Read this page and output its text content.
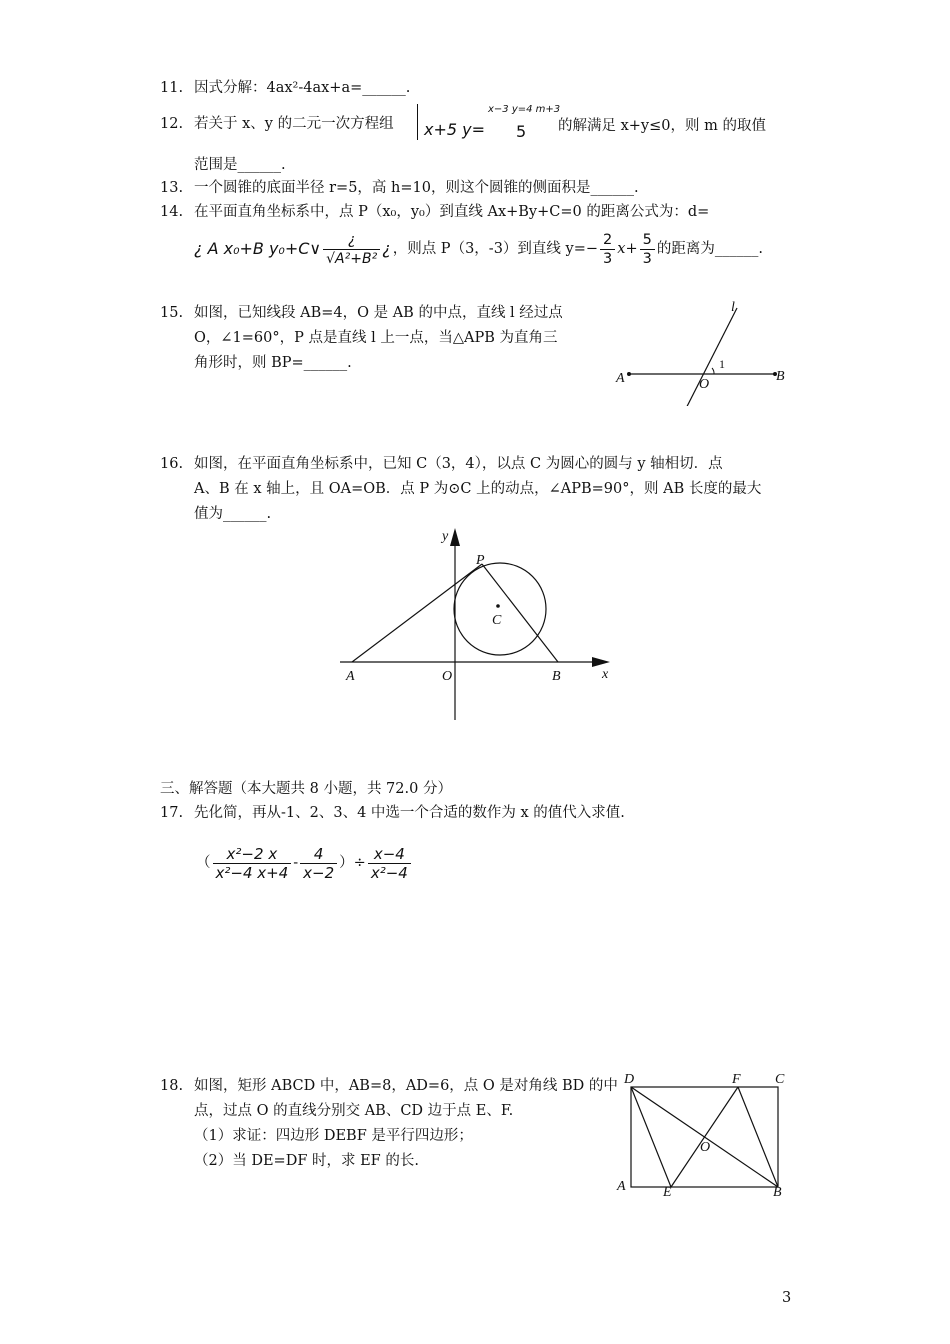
11. 因式分解：4ax²-4ax+a=______.
12. 若关于 x、y 的二元一次方程组 x+5 y=
x−3 y=4 m+3
5 的解满足 x+y≤0，则 m 的取值
范围是______.
13. 一个圆锥的底面半径 r=5，高 h=10，则这个圆锥的侧面积是______.
14. 在平面直角坐标系中，点 P（x₀，y₀）到直线 Ax+By+C=0 的距离公式为：d=
¿ A x₀+B y₀+C∨ $\frac{¿}{\text{√A²+B²}}$ ¿ ，则点 P（3，-3）到直线 $y=- \frac{2}{3} x+ \frac{5}{3}$ 的距离为______.
15. 如图，已知线段 AB=4，O 是 AB 的中点，直线 l 经过点
O，∠1=60°，P 点是直线 l 上一点，当△APB 为直角三
角形时，则 BP=______.
A	O
B
l
1
16. 如图，在平面直角坐标系中，已知 C（3，4），以点 C 为圆心的圆与 y 轴相切．点
A、B 在 x 轴上，且 OA=OB．点 P 为⊙C 上的动点，∠APB=90°，则 AB 长度的最大
值为______.
y
x
P
C
A	O	B
三、解答题（本大题共 8 小题，共 72.0 分）
17. 先化简，再从-1、2、3、4 中选一个合适的数作为 x 的值代入求值.
（ $\frac{\text{x²−2 x}}{\text{x²−4 x+4}} - \frac{4}{x-2}$ ）÷ $\frac{x-4}{\text{x²−4}}$
18. 如图，矩形 ABCD 中，AB=8，AD=6，点 O 是对角线 BD 的中
点，过点 O 的直线分别交 AB、CD 边于点 E、F.
（1）求证：四边形 DEBF 是平行四边形；
（2）当 DE=DF 时，求 EF 的长.
D	F C
O
A	E	B
3
